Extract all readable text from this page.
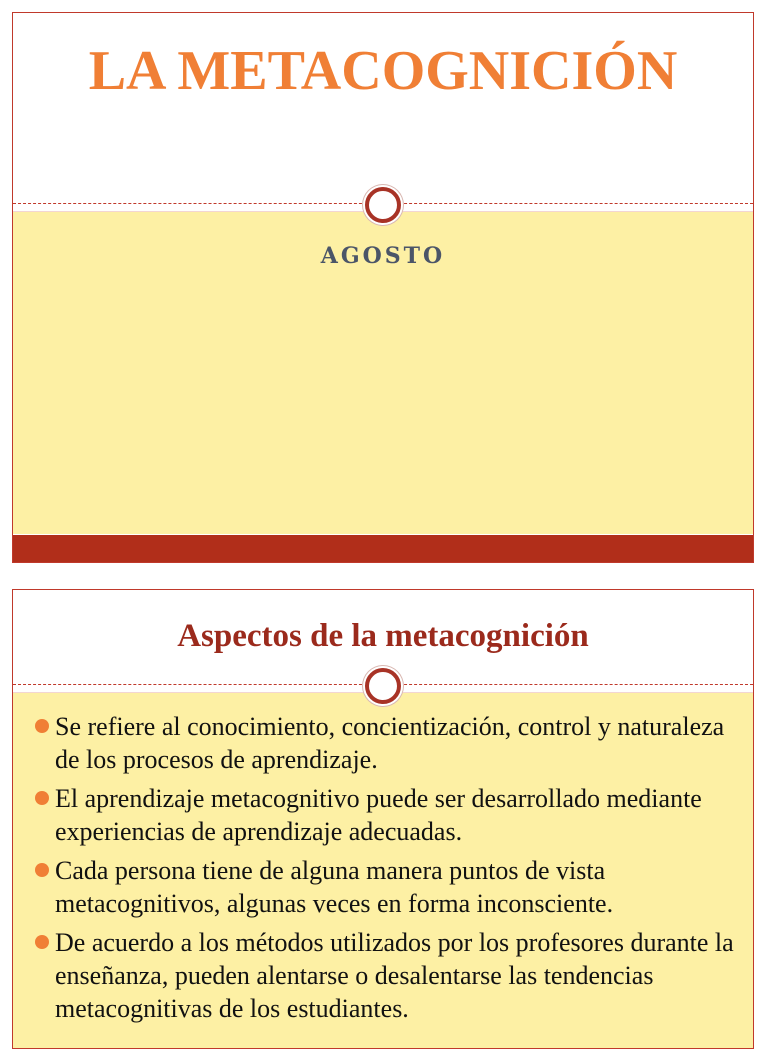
LA METACOGNICIÓN
AGOSTO
Aspectos de la metacognición
Se refiere al conocimiento, concientización, control y naturaleza de los procesos de aprendizaje.
El aprendizaje metacognitivo puede ser desarrollado mediante experiencias de aprendizaje adecuadas.
Cada persona tiene de alguna manera puntos de vista metacognitivos, algunas veces en forma inconsciente.
De acuerdo a los métodos utilizados por los profesores durante la enseñanza, pueden alentarse o desalentarse las tendencias metacognitivas de los estudiantes.
